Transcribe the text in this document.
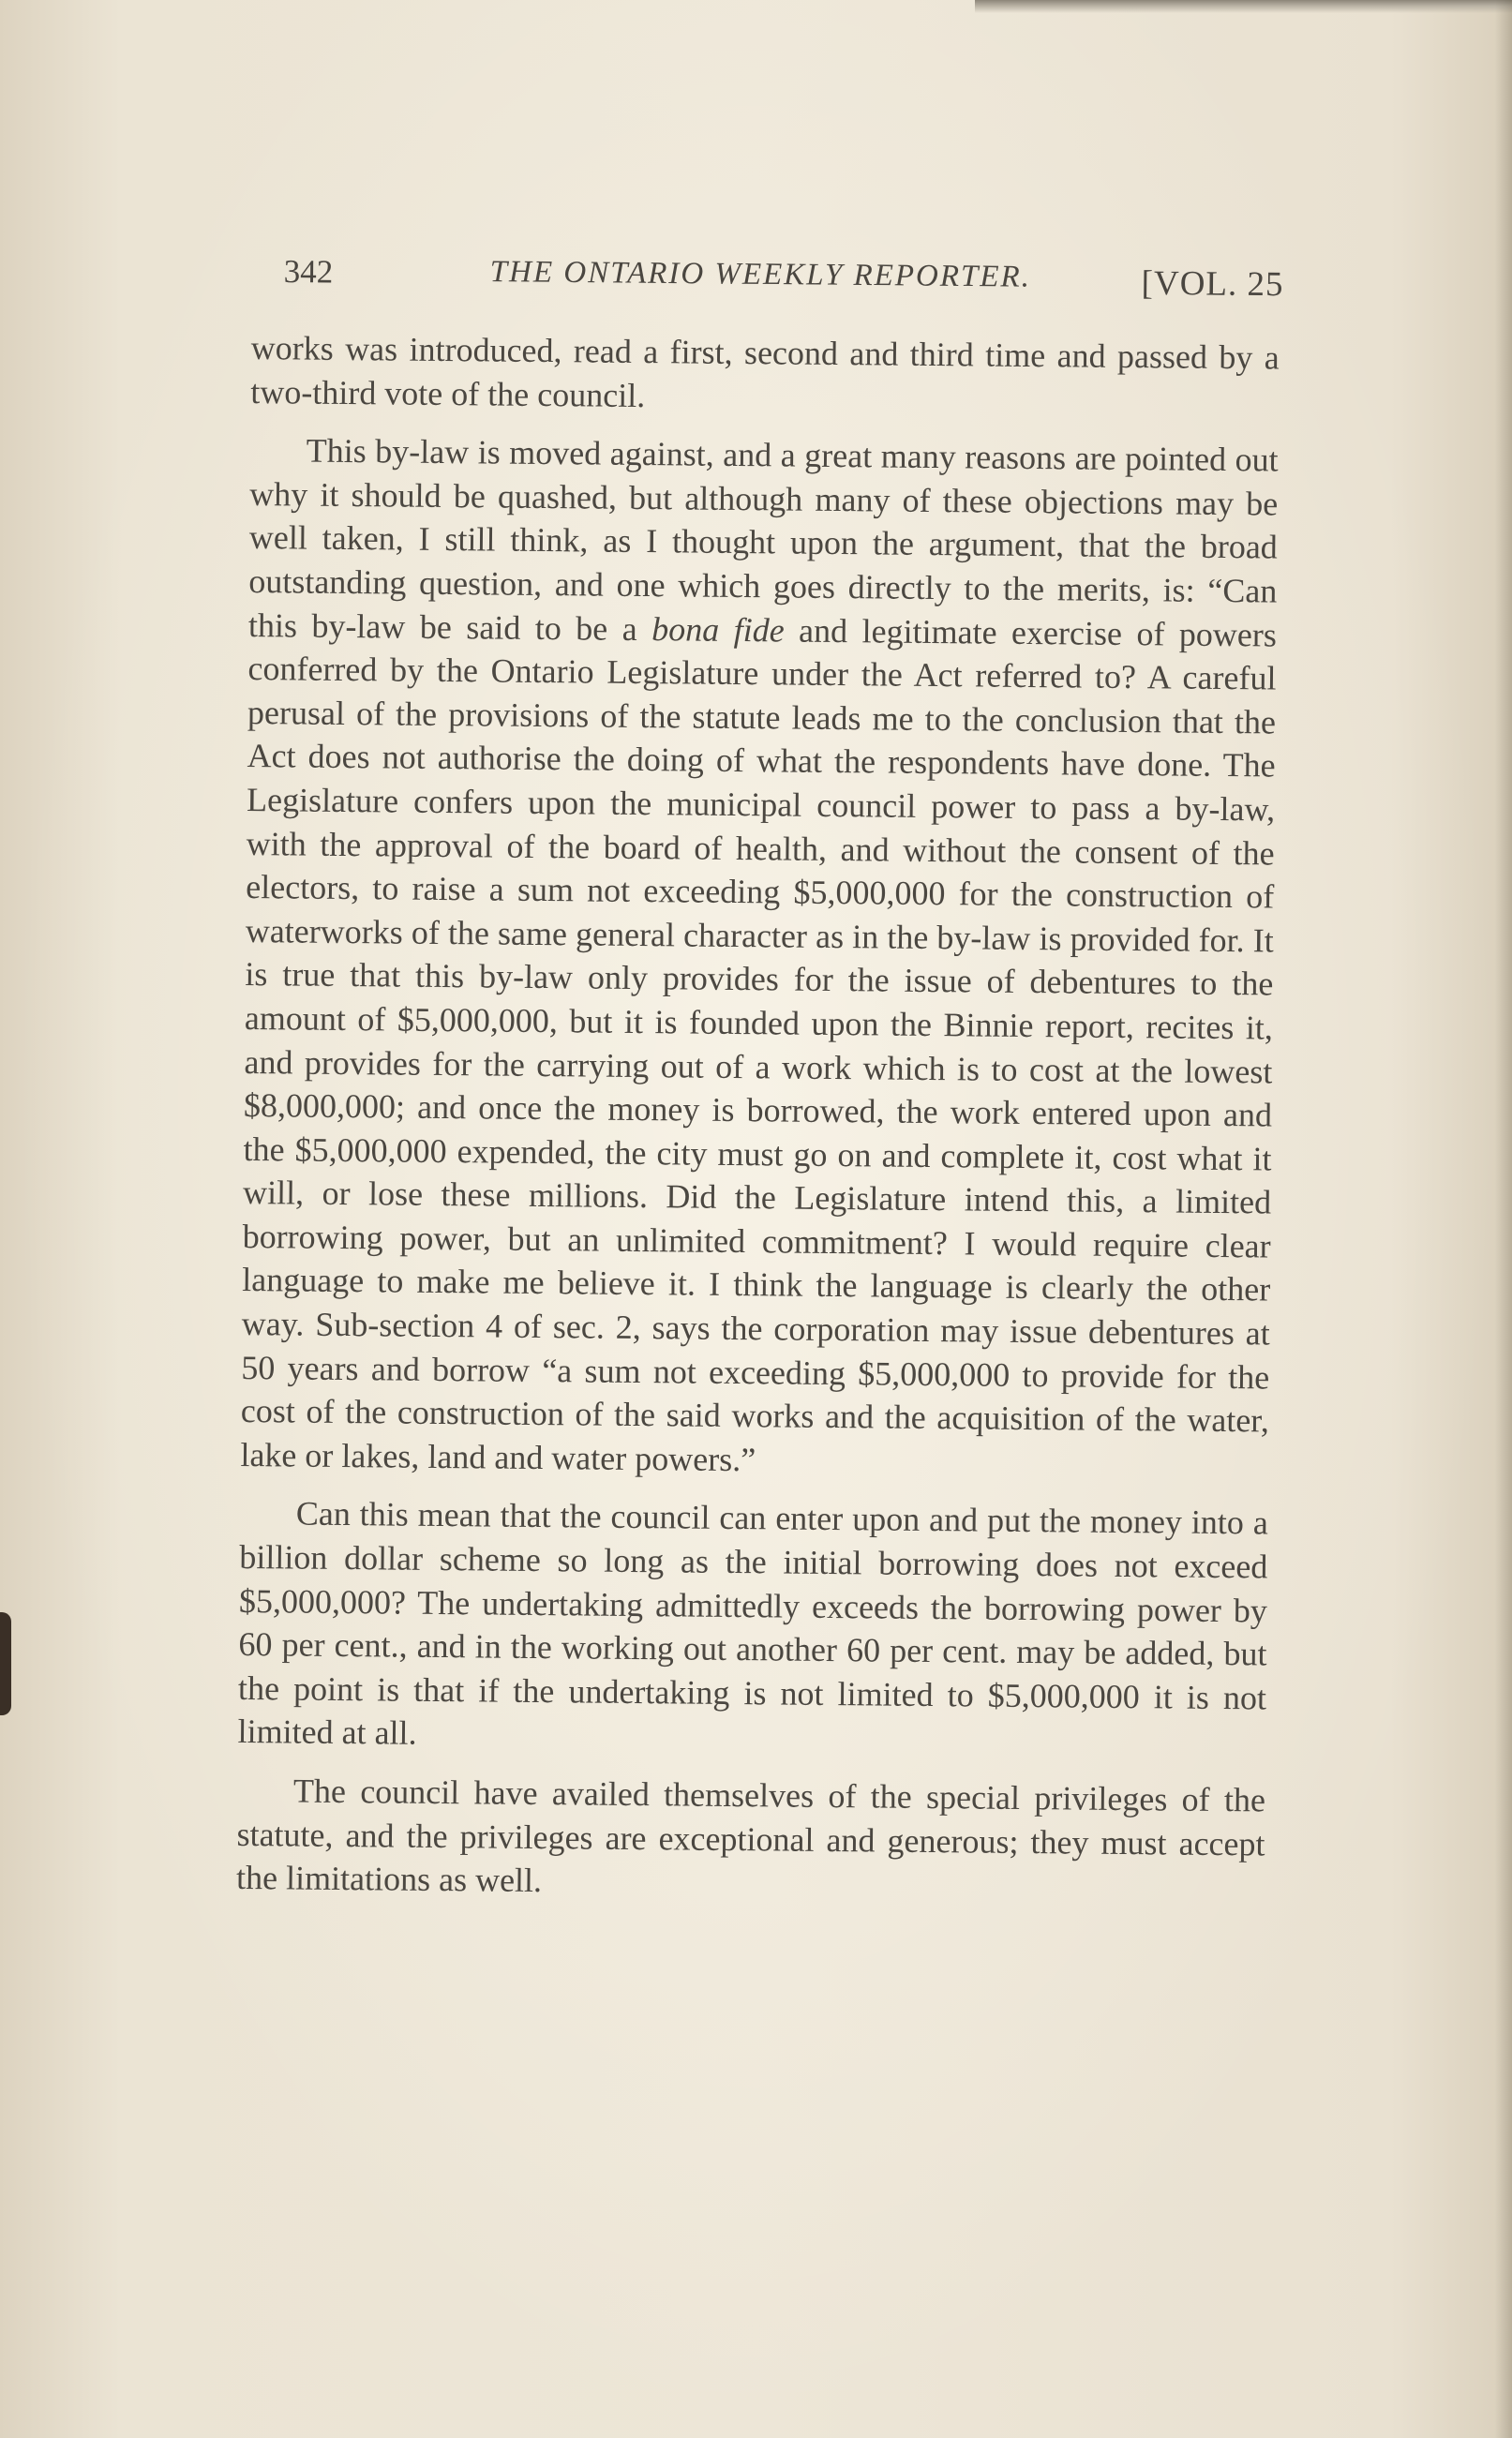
342	THE ONTARIO WEEKLY REPORTER.	[VOL. 25

works was introduced, read a first, second and third time and passed by a two-third vote of the council.

This by-law is moved against, and a great many reasons are pointed out why it should be quashed, but although many of these objections may be well taken, I still think, as I thought upon the argument, that the broad outstanding question, and one which goes directly to the merits, is: “Can this by-law be said to be a bona fide and legitimate exercise of powers conferred by the Ontario Legislature under the Act referred to? A careful perusal of the provisions of the statute leads me to the conclusion that the Act does not authorise the doing of what the respondents have done. The Legislature confers upon the municipal council power to pass a by-law, with the approval of the board of health, and without the consent of the electors, to raise a sum not exceeding $5,000,000 for the construction of waterworks of the same general character as in the by-law is provided for. It is true that this by-law only provides for the issue of debentures to the amount of $5,000,000, but it is founded upon the Binnie report, recites it, and provides for the carrying out of a work which is to cost at the lowest $8,000,000; and once the money is borrowed, the work entered upon and the $5,000,000 expended, the city must go on and complete it, cost what it will, or lose these millions. Did the Legislature intend this, a limited borrowing power, but an unlimited commitment? I would require clear language to make me believe it. I think the language is clearly the other way. Sub-section 4 of sec. 2, says the corporation may issue debentures at 50 years and borrow “a sum not exceeding $5,000,000 to provide for the cost of the construction of the said works and the acquisition of the water, lake or lakes, land and water powers.”

Can this mean that the council can enter upon and put the money into a billion dollar scheme so long as the initial borrowing does not exceed $5,000,000? The undertaking admittedly exceeds the borrowing power by 60 per cent., and in the working out another 60 per cent. may be added, but the point is that if the undertaking is not limited to $5,000,000 it is not limited at all.

The council have availed themselves of the special privileges of the statute, and the privileges are exceptional and generous; they must accept the limitations as well.
